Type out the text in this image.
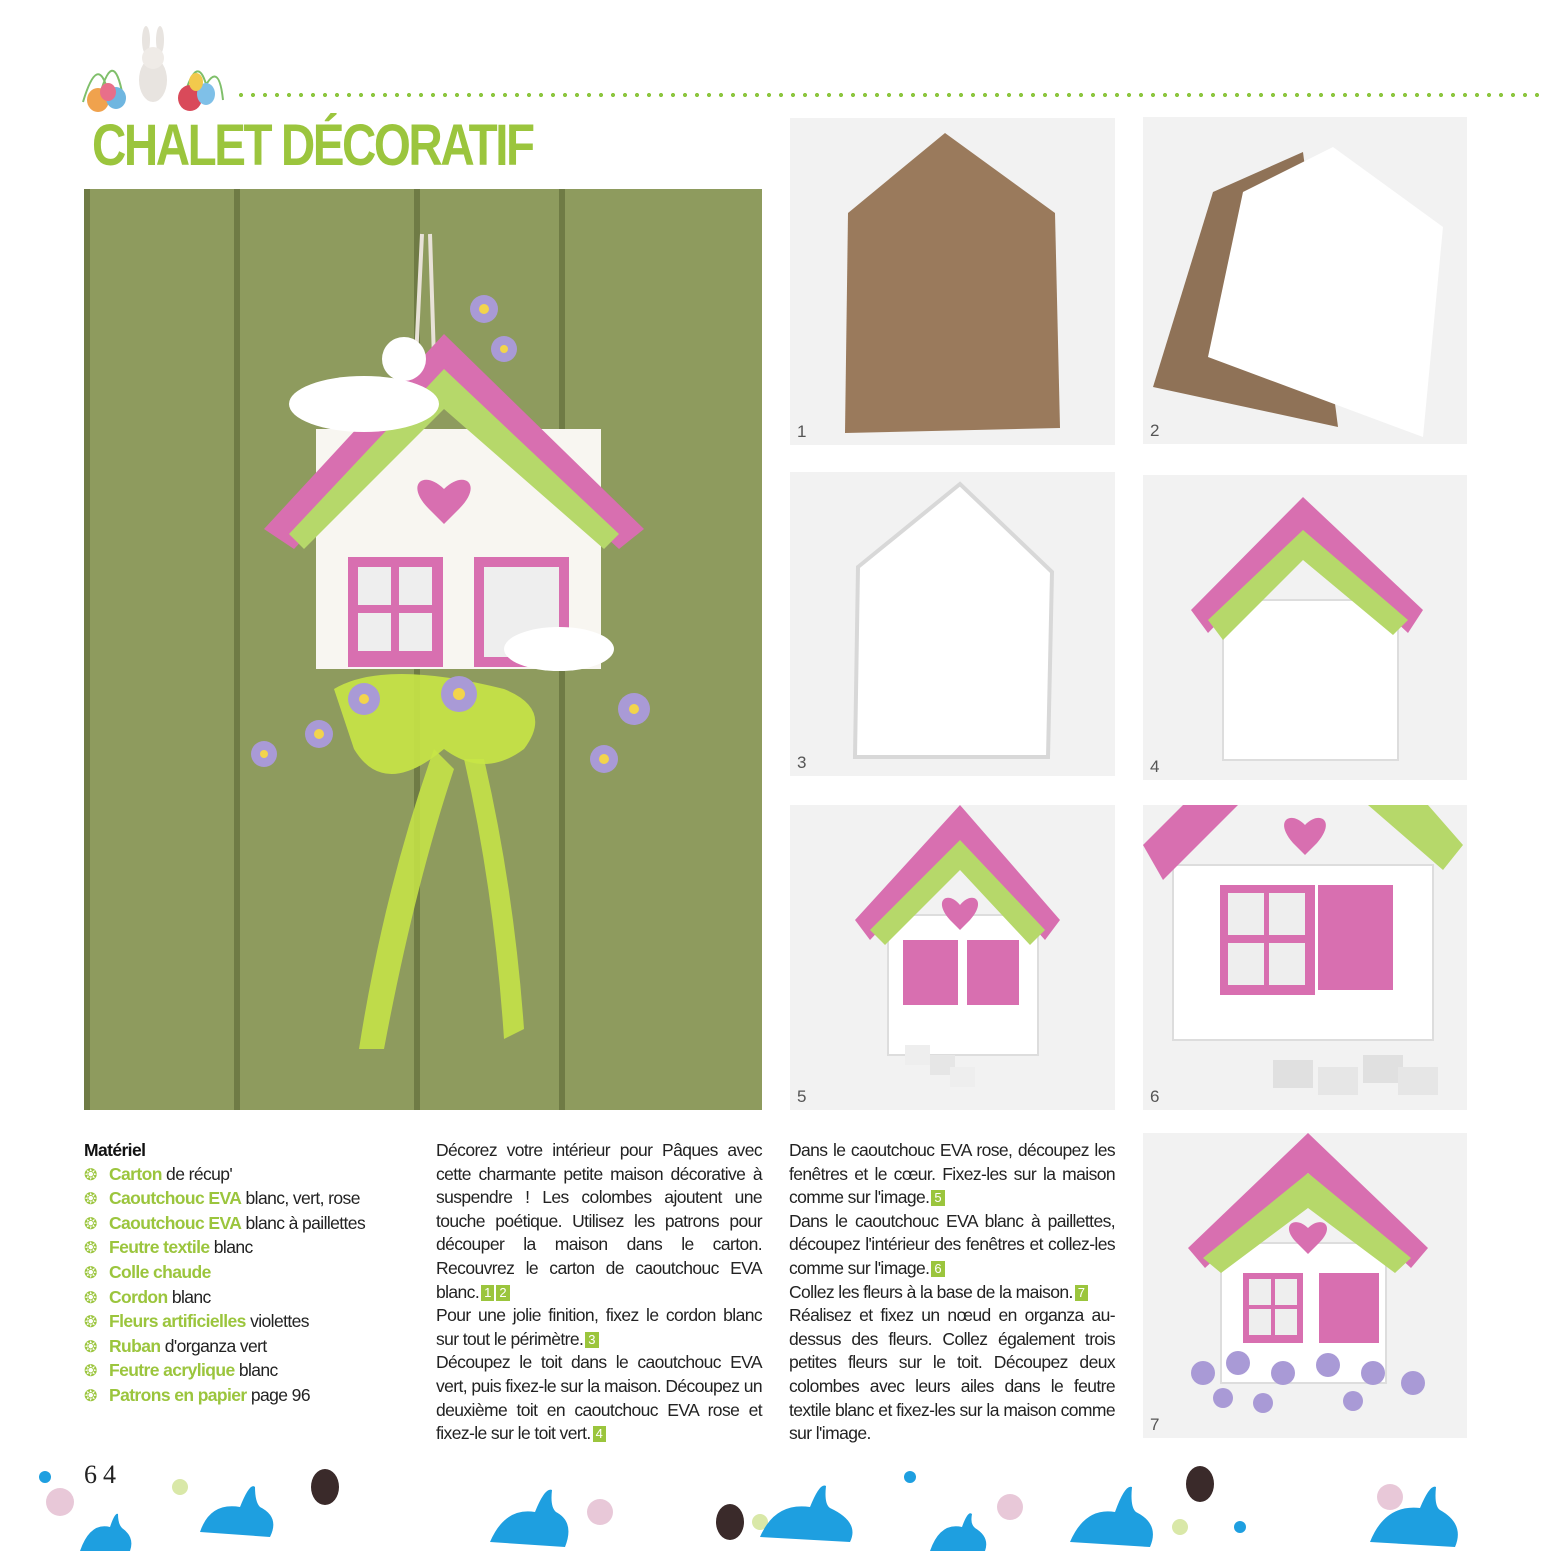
CHALET DÉCORATIF
1	2
3	4
5	6
7
Matériel
❂ Carton de récup'
❂ Caoutchouc EVA blanc, vert, rose
❂ Caoutchouc EVA blanc à paillettes
❂ Feutre textile blanc
❂ Colle chaude
❂ Cordon blanc
❂ Fleurs artificielles violettes
❂ Ruban d'organza vert
❂ Feutre acrylique blanc
❂ Patrons en papier page 96
Décorez votre intérieur pour Pâques avec cette charmante petite maison décorative à suspendre ! Les colombes ajoutent une touche poétique. Utilisez les patrons pour découper la maison dans le carton. Recouvrez le carton de caoutchouc EVA blanc. 1 2
Pour une jolie finition, fixez le cordon blanc sur tout le périmètre. 3
Découpez le toit dans le caoutchouc EVA vert, puis fixez-le sur la maison. Découpez un deuxième toit en caoutchouc EVA rose et fixez-le sur le toit vert. 4
Dans le caoutchouc EVA rose, découpez les fenêtres et le cœur. Fixez-les sur la maison comme sur l'image. 5
Dans le caoutchouc EVA blanc à paillettes, découpez l'intérieur des fenêtres et collez-les comme sur l'image. 6
Collez les fleurs à la base de la maison. 7
Réalisez et fixez un nœud en organza au-dessus des fleurs. Collez également trois petites fleurs sur le toit. Découpez deux colombes avec leurs ailes dans le feutre textile blanc et fixez-les sur la maison comme sur l'image.
64
